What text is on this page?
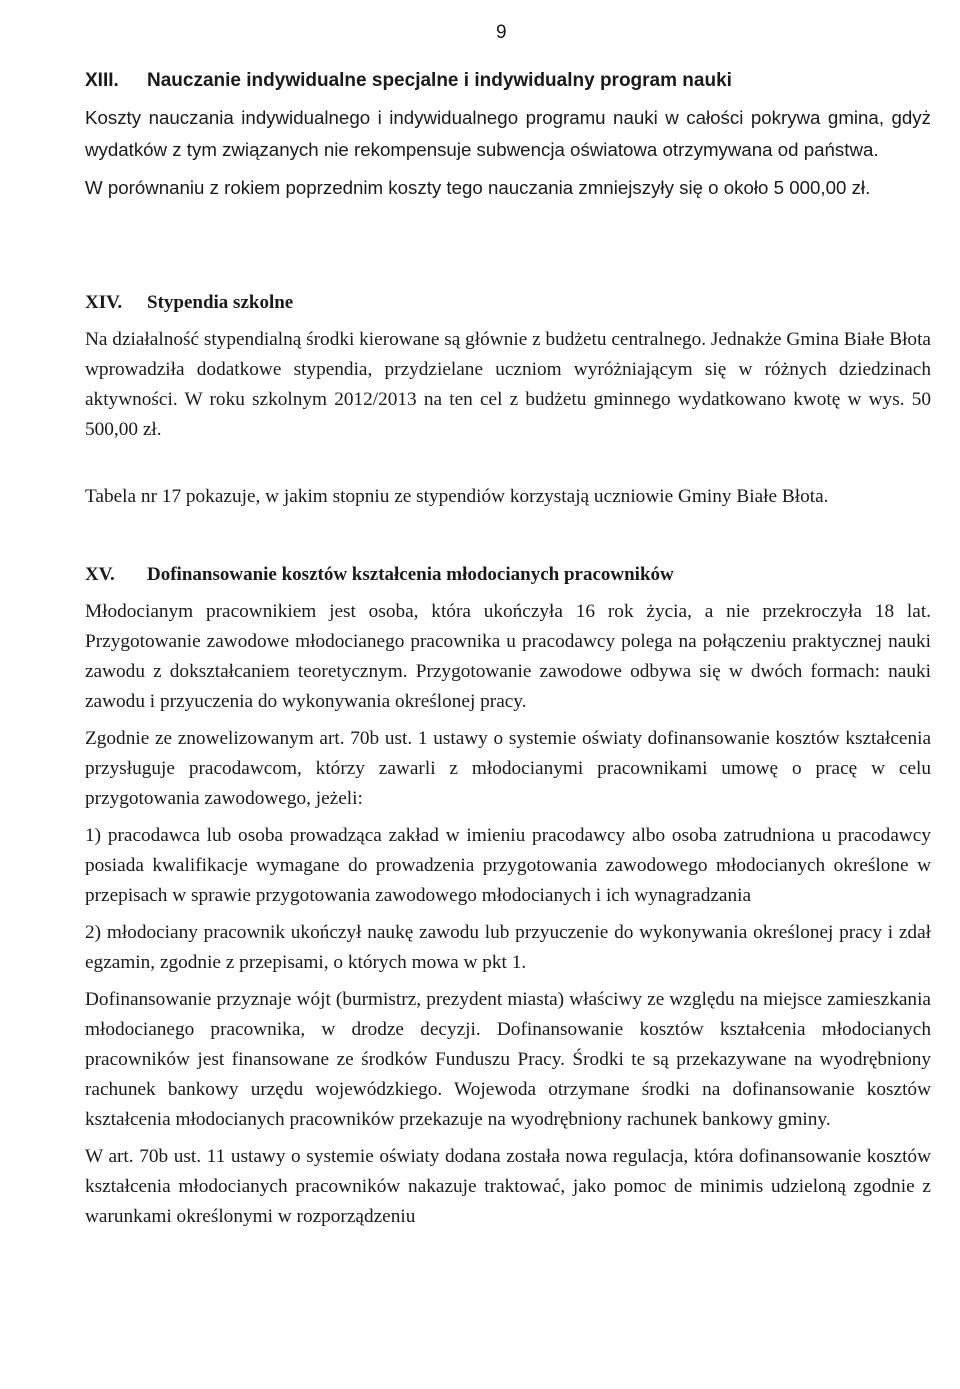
9
XIII.	Nauczanie indywidualne specjalne i indywidualny program nauki

Koszty nauczania indywidualnego i indywidualnego programu nauki w całości pokrywa gmina, gdyż wydatków z tym związanych nie rekompensuje subwencja oświatowa otrzymywana od państwa.

W porównaniu z rokiem poprzednim koszty tego nauczania zmniejszyły się o około 5 000,00 zł.

XIV.	Stypendia szkolne

Na działalność stypendialną środki kierowane są głównie z budżetu centralnego. Jednakże Gmina Białe Błota wprowadziła dodatkowe stypendia, przydzielane uczniom wyróżniającym się w różnych dziedzinach aktywności. W roku szkolnym 2012/2013 na ten cel z budżetu gminnego wydatkowano kwotę w wys. 50 500,00 zł.

Tabela nr 17 pokazuje, w jakim stopniu ze stypendiów korzystają uczniowie Gminy Białe Błota.

XV.	Dofinansowanie kosztów kształcenia młodocianych pracowników

Młodocianym pracownikiem jest osoba, która ukończyła 16 rok życia, a nie przekroczyła 18 lat. Przygotowanie zawodowe młodocianego pracownika u pracodawcy polega na połączeniu praktycznej nauki zawodu z dokształcaniem teoretycznym. Przygotowanie zawodowe odbywa się w dwóch formach: nauki zawodu i przyuczenia do wykonywania określonej pracy.

Zgodnie ze znowelizowanym art. 70b ust. 1 ustawy o systemie oświaty dofinansowanie kosztów kształcenia przysługuje pracodawcom, którzy zawarli z młodocianymi pracownikami umowę o pracę w celu przygotowania zawodowego, jeżeli:

1) pracodawca lub osoba prowadząca zakład w imieniu pracodawcy albo osoba zatrudniona u pracodawcy posiada kwalifikacje wymagane do prowadzenia przygotowania zawodowego młodocianych określone w przepisach w sprawie przygotowania zawodowego młodocianych i ich wynagradzania

2) młodociany pracownik ukończył naukę zawodu lub przyuczenie do wykonywania określonej pracy i zdał egzamin, zgodnie z przepisami, o których mowa w pkt 1.

Dofinansowanie przyznaje wójt (burmistrz, prezydent miasta) właściwy ze względu na miejsce zamieszkania młodocianego pracownika, w drodze decyzji. Dofinansowanie kosztów kształcenia młodocianych pracowników jest finansowane ze środków Funduszu Pracy. Środki te są przekazywane na wyodrębniony rachunek bankowy urzędu wojewódzkiego. Wojewoda otrzymane środki na dofinansowanie kosztów kształcenia młodocianych pracowników przekazuje na wyodrębniony rachunek bankowy gminy.

W art. 70b ust. 11 ustawy o systemie oświaty dodana została nowa regulacja, która dofinansowanie kosztów kształcenia młodocianych pracowników nakazuje traktować, jako pomoc de minimis udzieloną zgodnie z warunkami określonymi w rozporządzeniu
